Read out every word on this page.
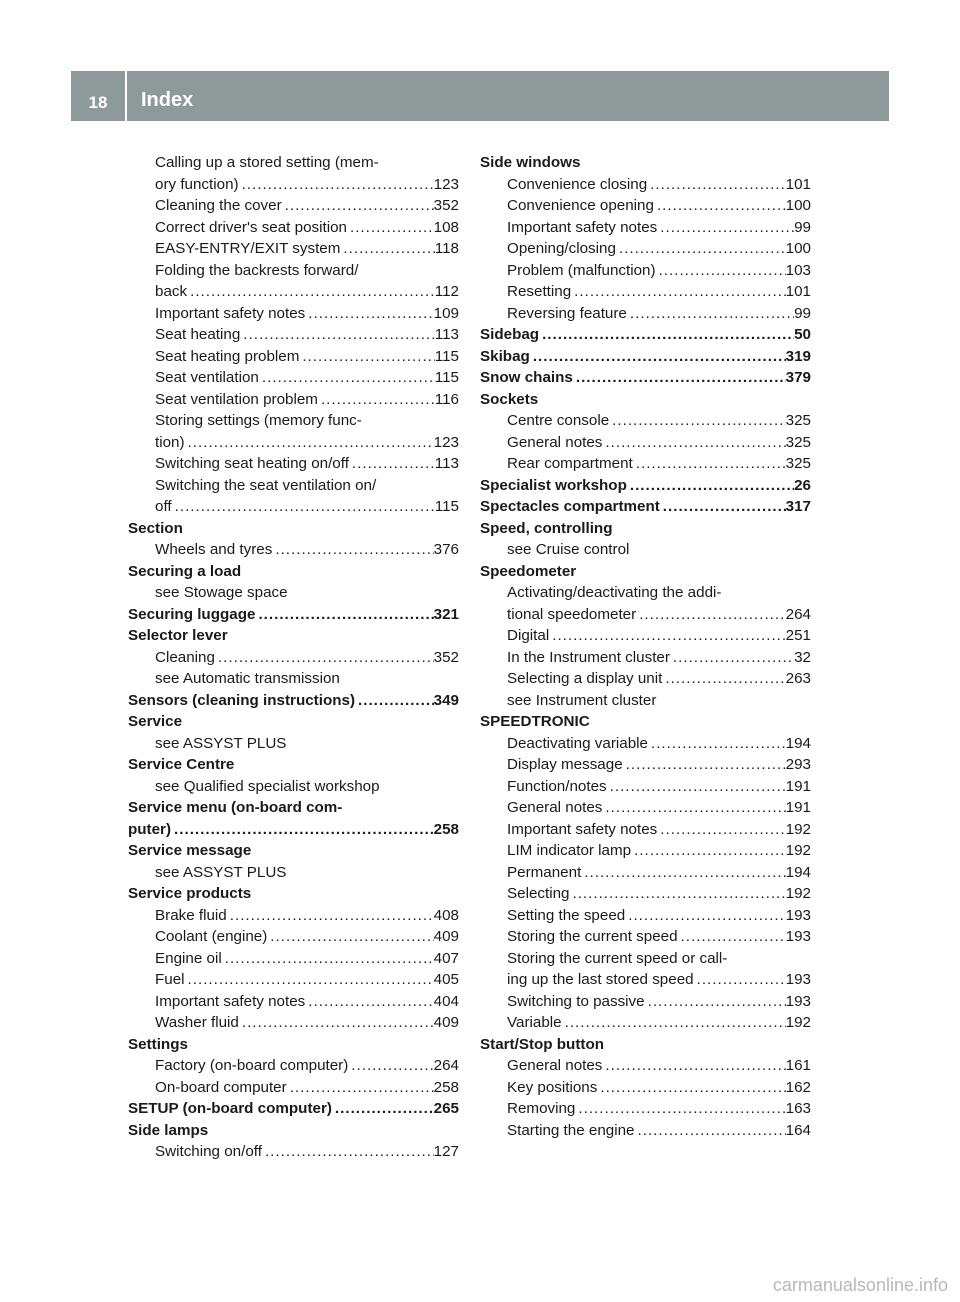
18	Index
Calling up a stored setting (mem-
ory function) .....	123
Cleaning the cover .....	352
Correct driver's seat position .....	108
EASY-ENTRY/EXIT system .....	118
Folding the backrests forward/
back .....	112
Important safety notes .....	109
Seat heating .....	113
Seat heating problem .....	115
Seat ventilation .....	115
Seat ventilation problem .....	116
Storing settings (memory func-
tion) .....	123
Switching seat heating on/off .....	113
Switching the seat ventilation on/
off .....	115
Section
Wheels and tyres .....	376
Securing a load
see Stowage space
Securing luggage .....	321
Selector lever
Cleaning .....	352
see Automatic transmission
Sensors (cleaning instructions) .....	349
Service
see ASSYST PLUS
Service Centre
see Qualified specialist workshop
Service menu (on-board com-
puter) .....	258
Service message
see ASSYST PLUS
Service products
Brake fluid .....	408
Coolant (engine) .....	409
Engine oil .....	407
Fuel .....	405
Important safety notes .....	404
Washer fluid .....	409
Settings
Factory (on-board computer) .....	264
On-board computer .....	258
SETUP (on-board computer) .....	265
Side lamps
Switching on/off .....	127
Side windows
Convenience closing .....	101
Convenience opening .....	100
Important safety notes .....	99
Opening/closing .....	100
Problem (malfunction) .....	103
Resetting .....	101
Reversing feature .....	99
Sidebag .....	50
Skibag .....	319
Snow chains .....	379
Sockets
Centre console .....	325
General notes .....	325
Rear compartment .....	325
Specialist workshop .....	26
Spectacles compartment .....	317
Speed, controlling
see Cruise control
Speedometer
Activating/deactivating the addi-
tional speedometer .....	264
Digital .....	251
In the Instrument cluster .....	32
Selecting a display unit .....	263
see Instrument cluster
SPEEDTRONIC
Deactivating variable .....	194
Display message .....	293
Function/notes .....	191
General notes .....	191
Important safety notes .....	192
LIM indicator lamp .....	192
Permanent .....	194
Selecting .....	192
Setting the speed .....	193
Storing the current speed .....	193
Storing the current speed or call-
ing up the last stored speed .....	193
Switching to passive .....	193
Variable .....	192
Start/Stop button
General notes .....	161
Key positions .....	162
Removing .....	163
Starting the engine .....	164
carmanualsonline.info
